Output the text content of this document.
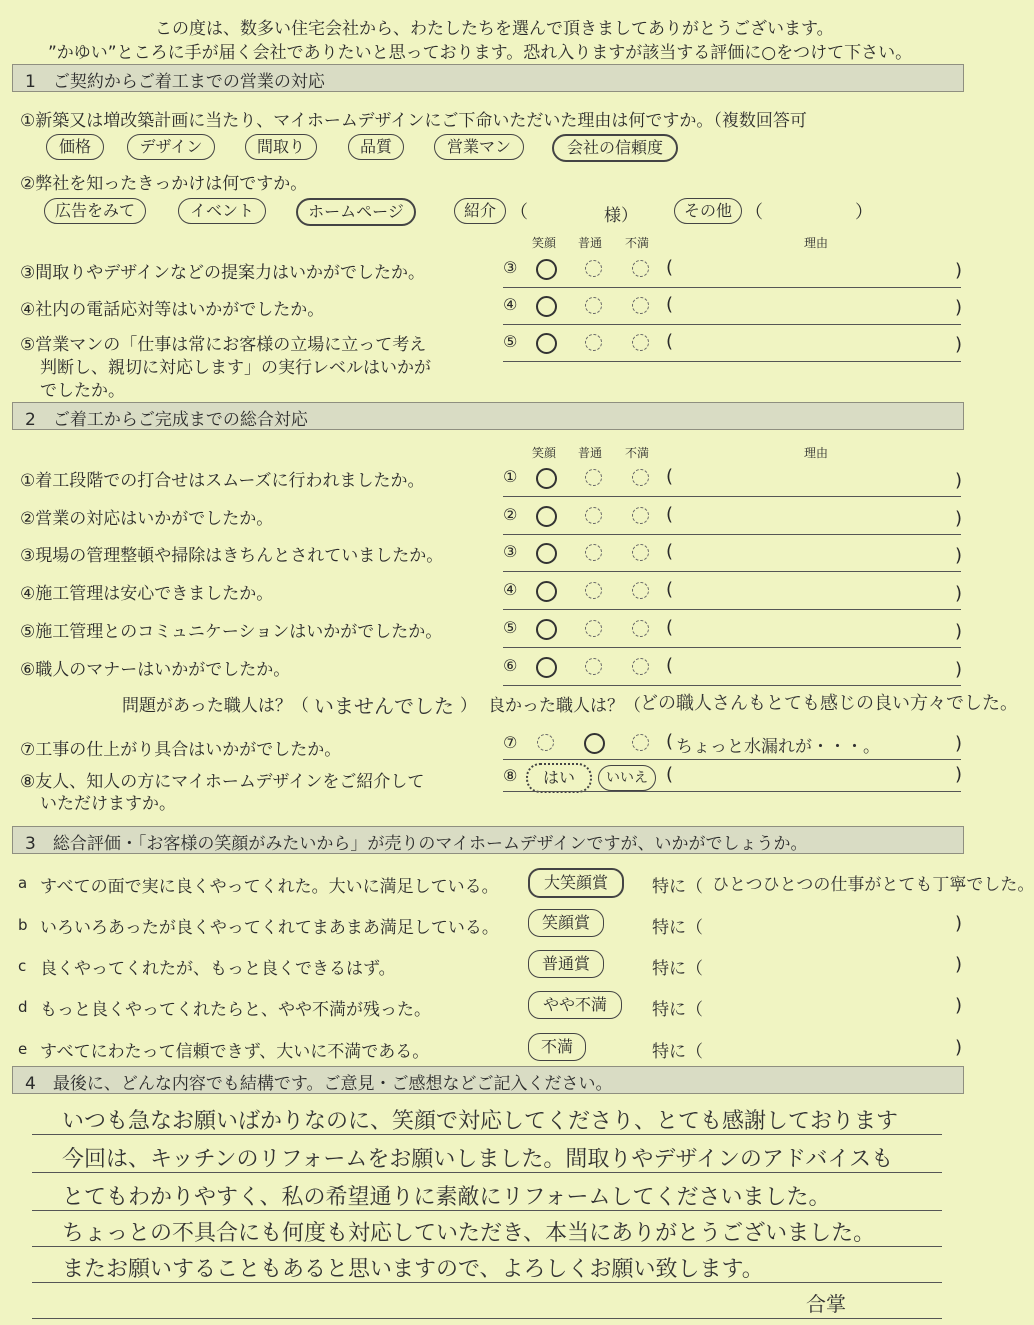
この度は、数多い住宅会社から、わたしたちを選んで頂きましてありがとうございます。
”かゆい”ところに手が届く会社でありたいと思っております。恐れ入りますが該当する評価に○をつけて下さい。
1　ご契約からご着工までの営業の対応
①新築又は増改築計画に当たり、マイホームデザインにご下命いただいた理由は何ですか。（複数回答可
価格	デザイン	間取り	品質	営業マン	会社の信頼度
②弊社を知ったきっかけは何ですか。
広告をみて	イベント	ホームページ	紹介 （	様）	その他 （	）
笑顔 普通 不満	理由
③間取りやデザインなどの提案力はいかがでしたか。	③	(	)
④社内の電話応対等はいかがでしたか。	④	(	)
⑤営業マンの「仕事は常にお客様の立場に立って考え
判断し、親切に対応します」の実行レベルはいかが
でしたか。
⑤	(	)
2　ご着工からご完成までの総合対応
笑顔 普通 不満	理由
①着工段階での打合せはスムーズに行われましたか。	①	(	)
②営業の対応はいかがでしたか。	②	(	)
③現場の管理整頓や掃除はきちんとされていましたか。	③	(	)
④施工管理は安心できましたか。	④	(	)
⑤施工管理とのコミュニケーションはいかがでしたか。	⑤	(	)
⑥職人のマナーはいかがでしたか。	⑥	(	)
問題があった職人は？（ いませんでした ） 良かった職人は？（ どの職人さんもとても感じの良い方々でした。
⑦工事の仕上がり具合はいかがでしたか。	⑦	( ちょっと水漏れが・・・。	)
⑧友人、知人の方にマイホームデザインをご紹介して
いただけますか。
⑧	はい	いいえ	(	)
3　総合評価・「お客様の笑顔がみたいから」が売りのマイホームデザインですが、いかがでしょうか。
a すべての面で実に良くやってくれた。大いに満足している。	大笑顔賞	特に（ ひとつひとつの仕事がとても丁寧でした。
b いろいろあったが良くやってくれてまあまあ満足している。	笑顔賞	特に（	)
c 良くやってくれたが、もっと良くできるはず。	普通賞	特に（	)
d もっと良くやってくれたらと、やや不満が残った。	やや不満	特に（	)
e すべてにわたって信頼できず、大いに不満である。	不満	特に（	)
4　最後に、どんな内容でも結構です。ご意見・ご感想などご記入ください。
いつも急なお願いばかりなのに、笑顔で対応してくださり、とても感謝しております
今回は、キッチンのリフォームをお願いしました。間取りやデザインのアドバイスも
とてもわかりやすく、私の希望通りに素敵にリフォームしてくださいました。
ちょっとの不具合にも何度も対応していただき、本当にありがとうございました。
またお願いすることもあると思いますので、よろしくお願い致します。
合掌
